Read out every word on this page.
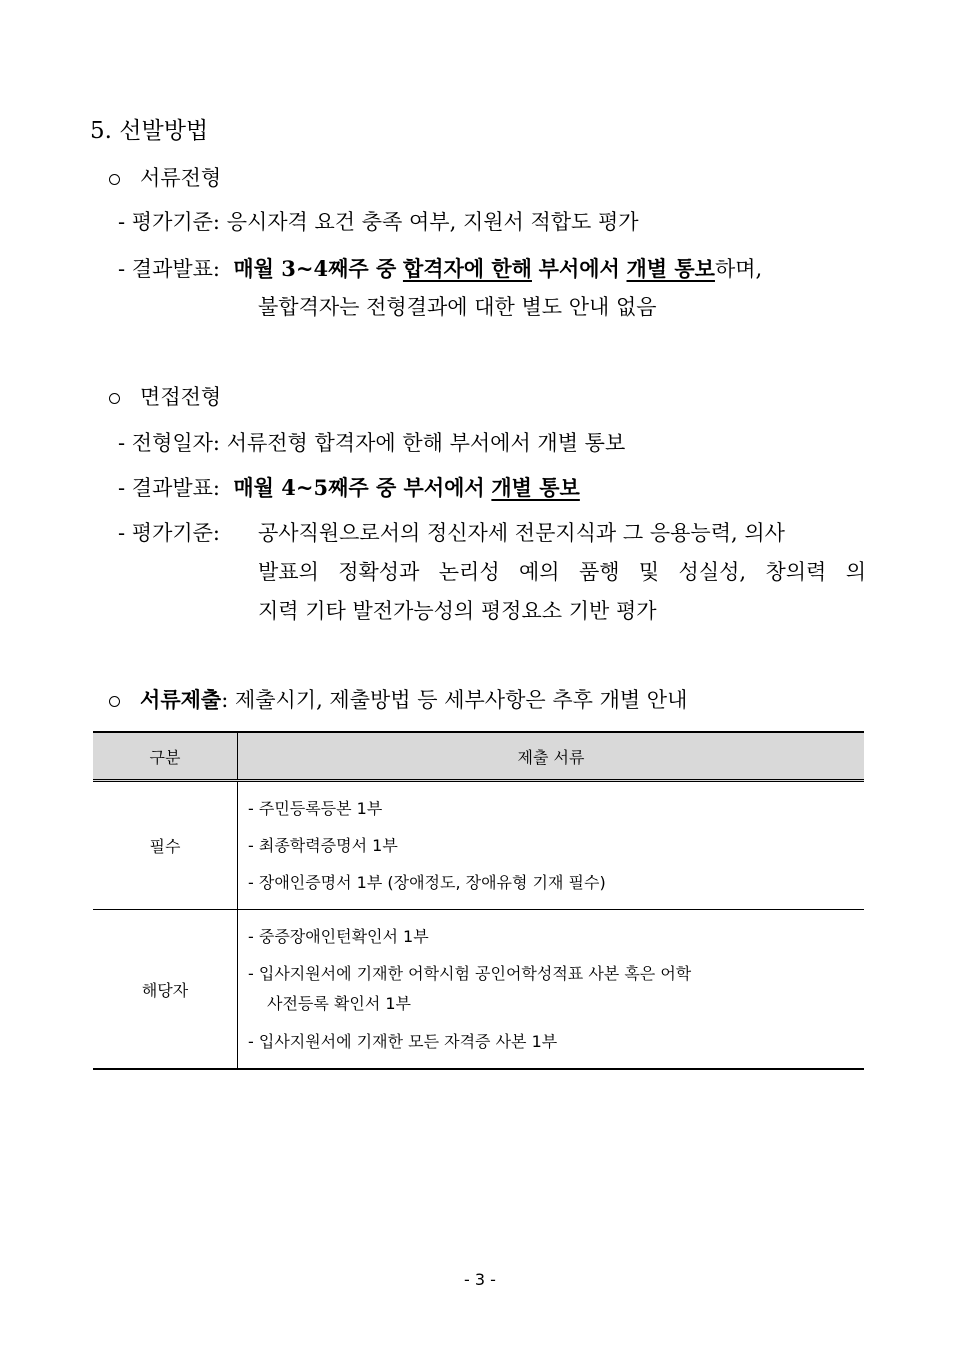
5. 선발방법
서류전형
- 평가기준: 응시자격 요건 충족 여부, 지원서 적합도 평가
- 결과발표: 매월 3~4째주 중 합격자에 한해 부서에서 개별 통보하며,
불합격자는 전형결과에 대한 별도 안내 없음
면접전형
- 전형일자: 서류전형 합격자에 한해 부서에서 개별 통보
- 결과발표: 매월 4~5째주 중 부서에서 개별 통보
- 평가기준: 공사직원으로서의 정신자세 전문지식과 그 응용능력, 의사
발표의 정확성과 논리성 예의 품행 및 성실성, 창의력 의
지력 기타 발전가능성의 평정요소 기반 평가
서류제출: 제출시기, 제출방법 등 세부사항은 추후 개별 안내
구분	제출 서류
필수	- 주민등록등본 1부
- 최종학력증명서 1부
- 장애인증명서 1부 (장애정도, 장애유형 기재 필수)

해당자	- 중증장애인턴확인서 1부
- 입사지원서에 기재한 어학시험 공인어학성적표 사본 혹은 어학
사전등록 확인서 1부
- 입사지원서에 기재한 모든 자격증 사본 1부
- 3 -
